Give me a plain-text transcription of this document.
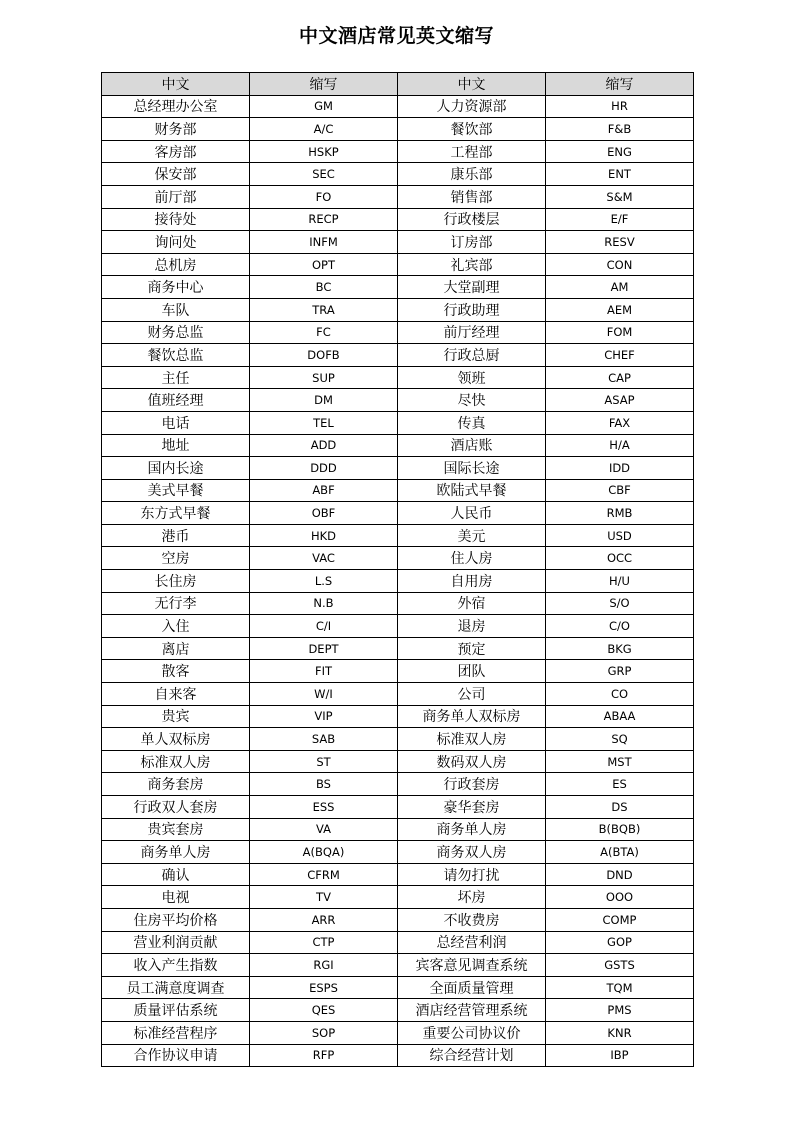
中文酒店常见英文缩写
中文	缩写	中文	缩写
总经理办公室	GM	人力资源部	HR
财务部	A/C	餐饮部	F&B
客房部	HSKP	工程部	ENG
保安部	SEC	康乐部	ENT
前厅部	FO	销售部	S&M
接待处	RECP	行政楼层	E/F
询问处	INFM	订房部	RESV
总机房	OPT	礼宾部	CON
商务中心	BC	大堂副理	AM
车队	TRA	行政助理	AEM
财务总监	FC	前厅经理	FOM
餐饮总监	DOFB	行政总厨	CHEF
主任	SUP	领班	CAP
值班经理	DM	尽快	ASAP
电话	TEL	传真	FAX
地址	ADD	酒店账	H/A
国内长途	DDD	国际长途	IDD
美式早餐	ABF	欧陆式早餐	CBF
东方式早餐	OBF	人民币	RMB
港币	HKD	美元	USD
空房	VAC	住人房	OCC
长住房	L.S	自用房	H/U
无行李	N.B	外宿	S/O
入住	C/I	退房	C/O
离店	DEPT	预定	BKG
散客	FIT	团队	GRP
自来客	W/I	公司	CO
贵宾	VIP	商务单人双标房	ABAA
单人双标房	SAB	标准双人房	SQ
标准双人房	ST	数码双人房	MST
商务套房	BS	行政套房	ES
行政双人套房	ESS	豪华套房	DS
贵宾套房	VA	商务单人房	B(BQB)
商务单人房	A(BQA)	商务双人房	A(BTA)
确认	CFRM	请勿打扰	DND
电视	TV	坏房	OOO
住房平均价格	ARR	不收费房	COMP
营业利润贡献	CTP	总经营利润	GOP
收入产生指数	RGI	宾客意见调查系统	GSTS
员工满意度调查	ESPS	全面质量管理	TQM
质量评估系统	QES	酒店经营管理系统	PMS
标准经营程序	SOP	重要公司协议价	KNR
合作协议申请	RFP	综合经营计划	IBP
